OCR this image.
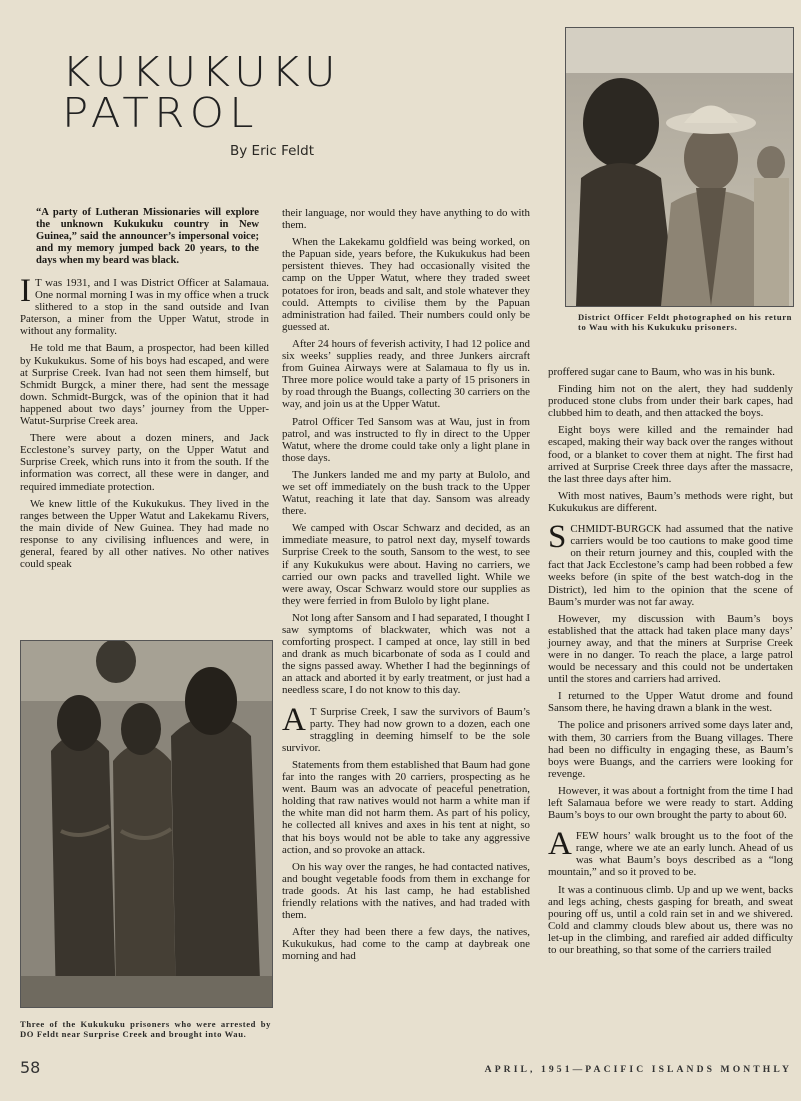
KUKUKUKU PATROL
By Eric Feldt

“A party of Lutheran Missionaries will explore the unknown Kukukuku country in New Guinea,” said the announcer’s impersonal voice; and my memory jumped back 20 years, to the days when my beard was black.

I T was 1931, and I was District Officer at Salamaua. One normal morning I was in my office when a truck slithered to a stop in the sand outside and Ivan Paterson, a miner from the Upper Watut, strode in without any formality.

He told me that Baum, a prospector, had been killed by Kukukukus. Some of his boys had escaped, and were at Surprise Creek. Ivan had not seen them himself, but Schmidt Burgck, a miner there, had sent the message down. Schmidt-Burgck, was of the opinion that it had happened about two days’ journey from the Upper-Watut-Surprise Creek area.

There were about a dozen miners, and Jack Ecclestone’s survey party, on the Upper Watut and Surprise Creek, which runs into it from the south. If the information was correct, all these were in danger, and required immediate protection.

We knew little of the Kukukukus. They lived in the ranges between the Upper Watut and Lakekamu Rivers, the main divide of New Guinea. They had made no response to any civilising influences and were, in general, feared by all other natives. No other natives could speak

District Officer Feldt photographed on his return to Wau with his Kukukuku prisoners.
Three of the Kukukuku prisoners who were arrested by DO Feldt near Surprise Creek and brought into Wau.

their language, nor would they have anything to do with them.

When the Lakekamu goldfield was being worked, on the Papuan side, years before, the Kukukukus had been persistent thieves. They had occasionally visited the camp on the Upper Watut, where they traded sweet potatoes for iron, beads and salt, and stole whatever they could. Attempts to civilise them by the Papuan administration had failed. Their numbers could only be guessed at.

After 24 hours of feverish activity, I had 12 police and six weeks’ supplies ready, and three Junkers aircraft from Guinea Airways were at Salamaua to fly us in. Three more police would take a party of 15 prisoners in by road through the Buangs, collecting 30 carriers on the way, and join us at the Upper Watut.

Patrol Officer Ted Sansom was at Wau, just in from patrol, and was instructed to fly in direct to the Upper Watut, where the drome could take only a light plane in those days.

The Junkers landed me and my party at Bulolo, and we set off immediately on the bush track to the Upper Watut, reaching it late that day. Sansom was already there.

We camped with Oscar Schwarz and decided, as an immediate measure, to patrol next day, myself towards Surprise Creek to the south, Sansom to the west, to see if any Kukukukus were about. Having no carriers, we carried our own packs and travelled light. While we were away, Oscar Schwarz would store our supplies as they were ferried in from Bulolo by light plane.

Not long after Sansom and I had separated, I thought I saw symptoms of blackwater, which was not a comforting prospect. I camped at once, lay still in bed and drank as much bicarbonate of soda as I could and the signs passed away. Whether I had the beginnings of an attack and aborted it by early treatment, or just had a needless scare, I do not know to this day.

A T Surprise Creek, I saw the survivors of Baum’s party. They had now grown to a dozen, each one straggling in deeming himself to be the sole survivor.

Statements from them established that Baum had gone far into the ranges with 20 carriers, prospecting as he went. Baum was an advocate of peaceful penetration, holding that raw natives would not harm a white man if the white man did not harm them. As part of his policy, he collected all knives and axes in his tent at night, so that his boys would not be able to take any aggressive action, and so provoke an attack.

On his way over the ranges, he had contacted natives, and bought vegetable foods from them in exchange for trade goods. At his last camp, he had established friendly relations with the natives, and had traded with them.

After they had been there a few days, the natives, Kukukukus, had come to the camp at daybreak one morning and had

proffered sugar cane to Baum, who was in his bunk.

Finding him not on the alert, they had suddenly produced stone clubs from under their bark capes, had clubbed him to death, and then attacked the boys.

Eight boys were killed and the remainder had escaped, making their way back over the ranges without food, or a blanket to cover them at night. The first had arrived at Surprise Creek three days after the massacre, the last three days after him.

With most natives, Baum’s methods were right, but Kukukukus are different.

SCHMIDT-BURGCK had assumed that the native carriers would be too cautions to make good time on their return journey and this, coupled with the fact that Jack Ecclestone’s camp had been robbed a few weeks before (in spite of the best watch-dog in the District), led him to the opinion that the scene of Baum’s murder was not far away.

However, my discussion with Baum’s boys established that the attack had taken place many days’ journey away, and that the miners at Surprise Creek were in no danger. To reach the place, a large patrol would be necessary and this could not be undertaken until the stores and carriers had arrived.

I returned to the Upper Watut drome and found Sansom there, he having drawn a blank in the west.

The police and prisoners arrived some days later and, with them, 30 carriers from the Buang villages. There had been no difficulty in engaging these, as Baum’s boys were Buangs, and the carriers were looking for revenge.

However, it was about a fortnight from the time I had left Salamaua before we were ready to start. Adding Baum’s boys to our own brought the party to about 60.

AFEW hours’ walk brought us to the foot of the range, where we ate an early lunch. Ahead of us was what Baum’s boys described as a “long mountain,” and so it proved to be.

It was a continuous climb. Up and up we went, backs and legs aching, chests gasping for breath, and sweat pouring off us, until a cold rain set in and we shivered. Cold and clammy clouds blew about us, there was no let-up in the climbing, and rarefied air added difficulty to our breathing, so that some of the carriers trailed

58	APRIL, 1951—PACIFIC ISLANDS MONTHLY
